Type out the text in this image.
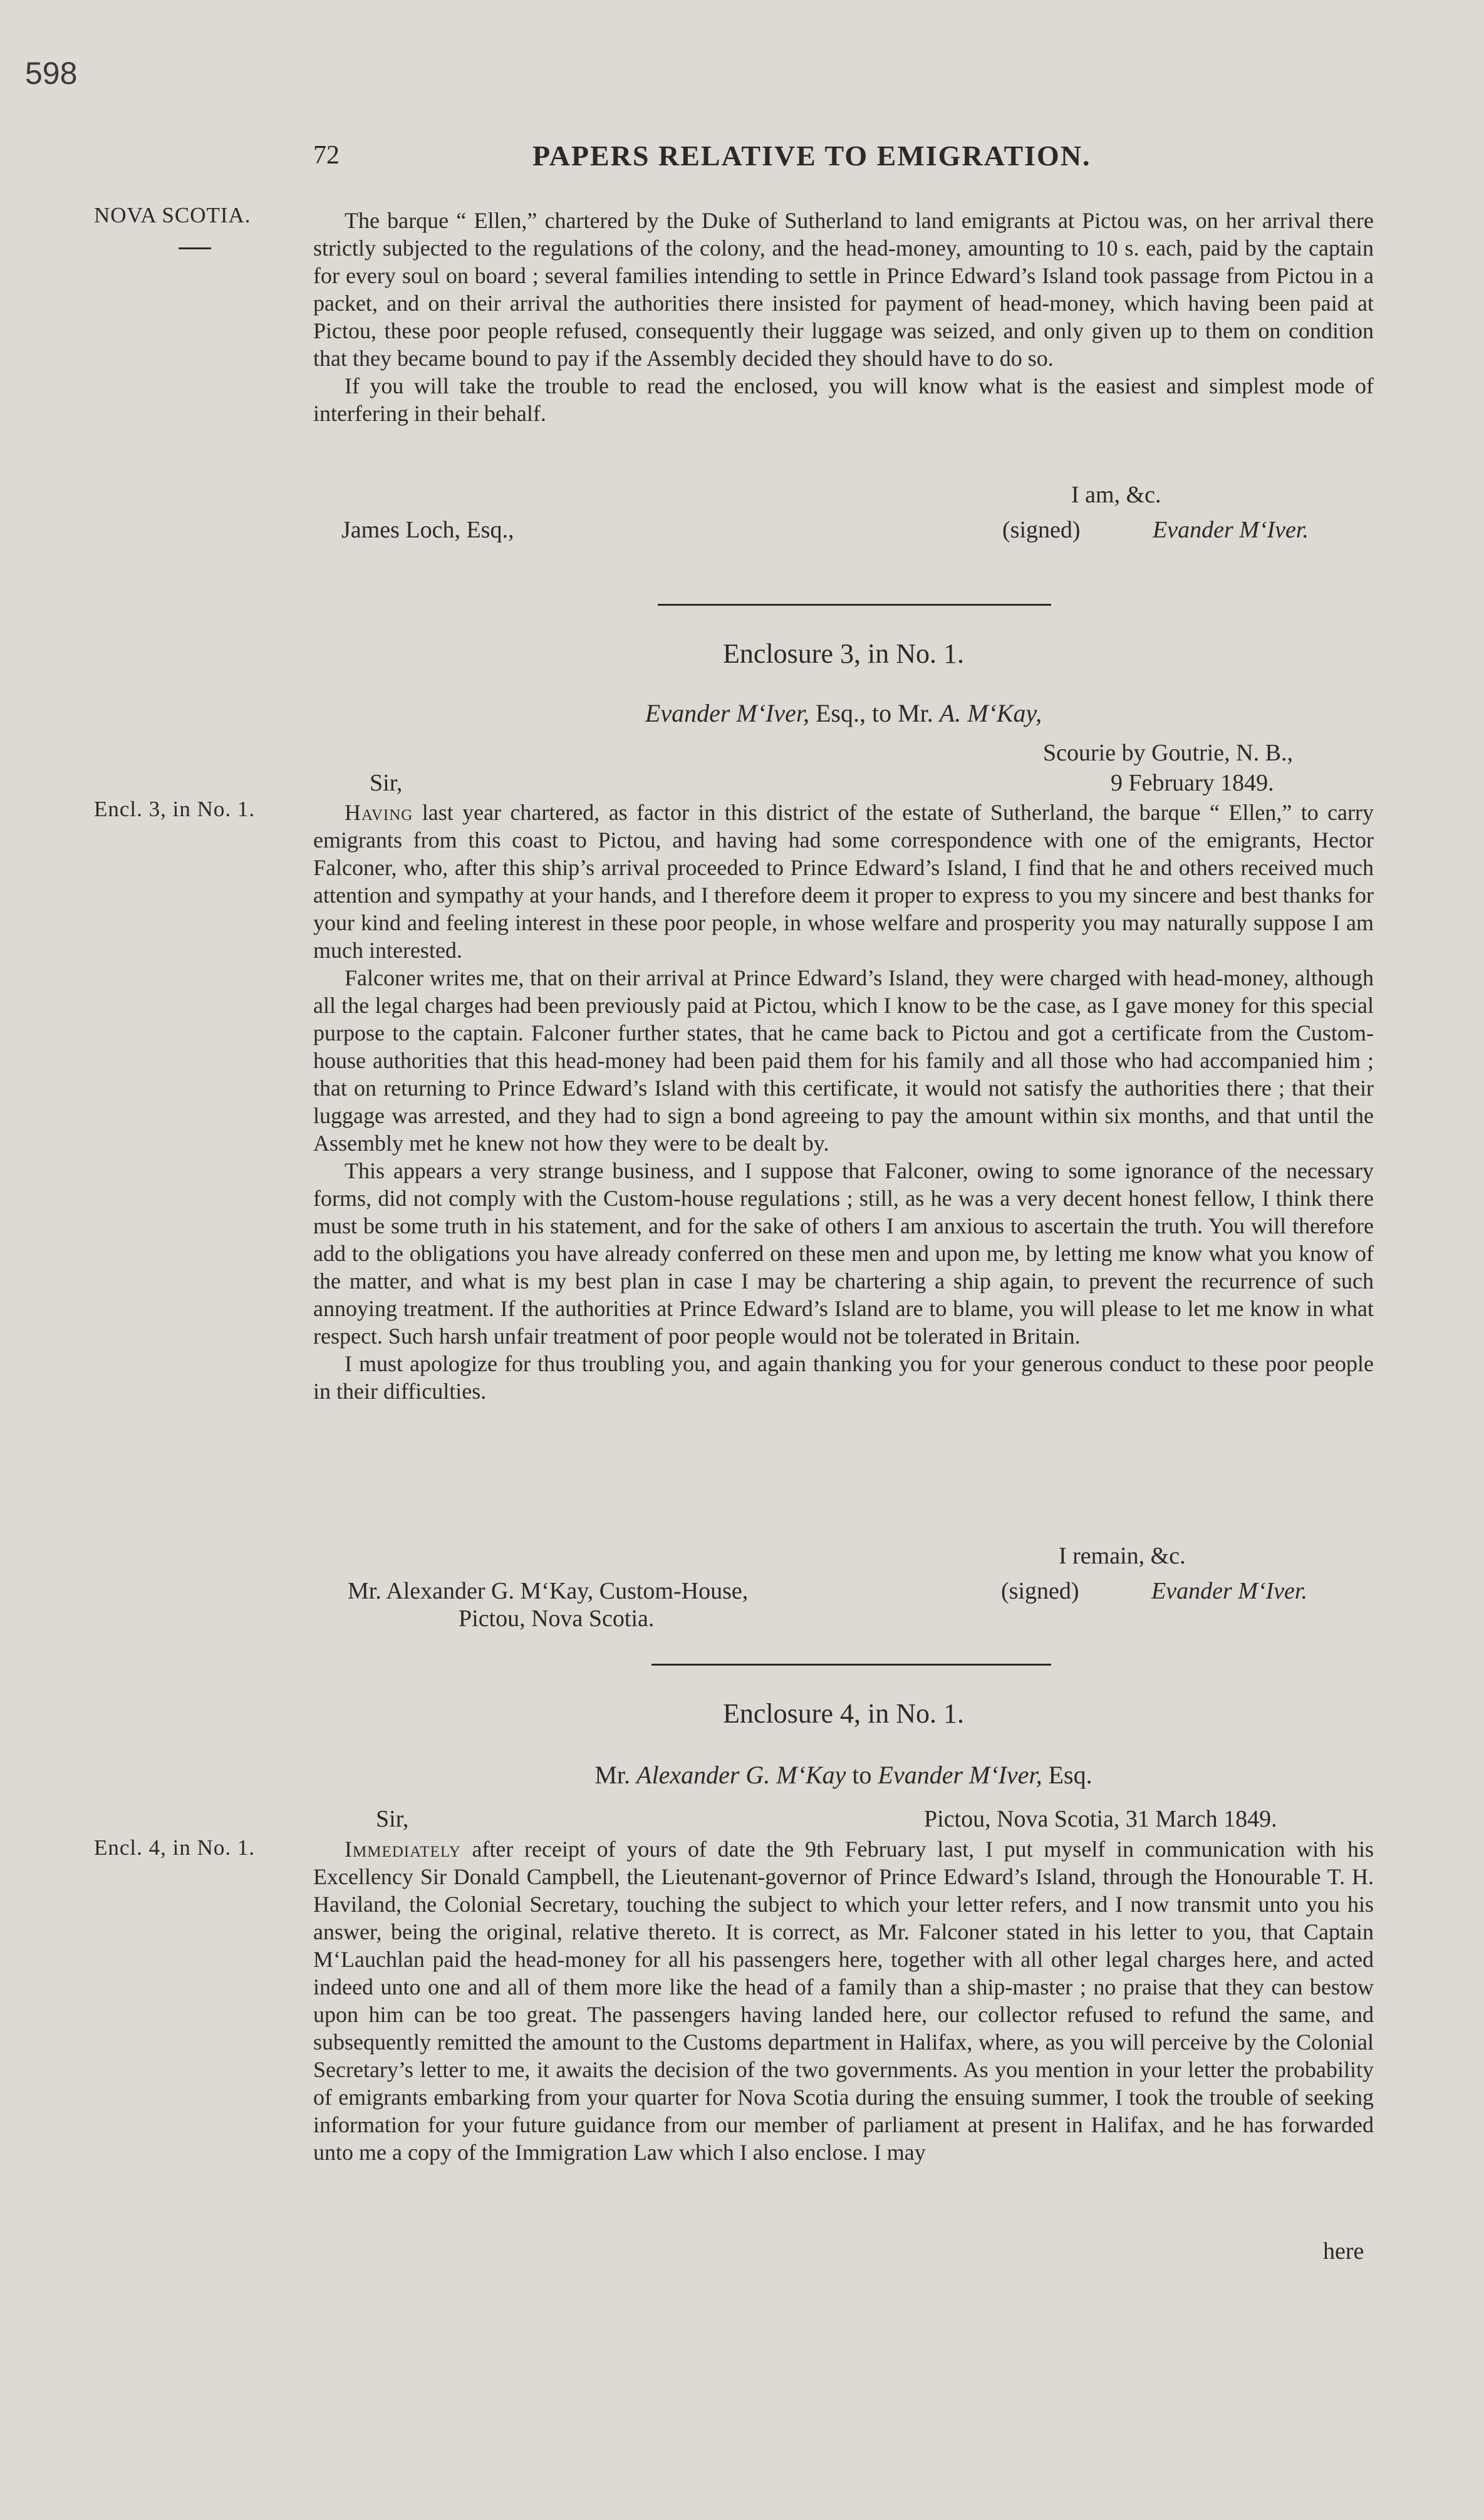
598
72	PAPERS RELATIVE TO EMIGRATION.
NOVA SCOTIA.
Encl. 3, in No. 1.
Encl. 4, in No. 1.

The barque “ Ellen,” chartered by the Duke of Sutherland to land emigrants at Pictou was, on her arrival there strictly subjected to the regulations of the colony, and the head-money, amounting to 10 s. each, paid by the captain for every soul on board ; several families intending to settle in Prince Edward’s Island took passage from Pictou in a packet, and on their arrival the authorities there insisted for payment of head-money, which having been paid at Pictou, these poor people refused, consequently their luggage was seized, and only given up to them on condition that they became bound to pay if the Assembly decided they should have to do so.

If you will take the trouble to read the enclosed, you will know what is the easiest and simplest mode of interfering in their behalf.

I am, &c.
James Loch, Esq.,	(signed)	Evander M‘Iver.
Enclosure 3, in No. 1.
Evander M‘Iver, Esq., to Mr. A. M‘Kay,
Scourie by Goutrie, N. B.,
Sir,	9 February 1849.

Having last year chartered, as factor in this district of the estate of Sutherland, the barque “ Ellen,” to carry emigrants from this coast to Pictou, and having had some correspondence with one of the emigrants, Hector Falconer, who, after this ship’s arrival proceeded to Prince Edward’s Island, I find that he and others received much attention and sympathy at your hands, and I therefore deem it proper to express to you my sincere and best thanks for your kind and feeling interest in these poor people, in whose welfare and prosperity you may naturally suppose I am much interested.

Falconer writes me, that on their arrival at Prince Edward’s Island, they were charged with head-money, although all the legal charges had been previously paid at Pictou, which I know to be the case, as I gave money for this special purpose to the captain. Falconer further states, that he came back to Pictou and got a certificate from the Custom-house authorities that this head-money had been paid them for his family and all those who had accompanied him ; that on returning to Prince Edward’s Island with this certificate, it would not satisfy the authorities there ; that their luggage was arrested, and they had to sign a bond agreeing to pay the amount within six months, and that until the Assembly met he knew not how they were to be dealt by.

This appears a very strange business, and I suppose that Falconer, owing to some ignorance of the necessary forms, did not comply with the Custom-house regulations ; still, as he was a very decent honest fellow, I think there must be some truth in his statement, and for the sake of others I am anxious to ascertain the truth. You will therefore add to the obligations you have already conferred on these men and upon me, by letting me know what you know of the matter, and what is my best plan in case I may be chartering a ship again, to prevent the recurrence of such annoying treatment. If the authorities at Prince Edward’s Island are to blame, you will please to let me know in what respect. Such harsh unfair treatment of poor people would not be tolerated in Britain.

I must apologize for thus troubling you, and again thanking you for your generous conduct to these poor people in their difficulties.

I remain, &c.
Mr. Alexander G. M‘Kay, Custom-House,
Pictou, Nova Scotia.
(signed)	Evander M‘Iver.
Enclosure 4, in No. 1.
Mr. Alexander G. M‘Kay to Evander M‘Iver, Esq.
Sir,	Pictou, Nova Scotia, 31 March 1849.

Immediately after receipt of yours of date the 9th February last, I put myself in communication with his Excellency Sir Donald Campbell, the Lieutenant-governor of Prince Edward’s Island, through the Honourable T. H. Haviland, the Colonial Secretary, touching the subject to which your letter refers, and I now transmit unto you his answer, being the original, relative thereto. It is correct, as Mr. Falconer stated in his letter to you, that Captain M‘Lauchlan paid the head-money for all his passengers here, together with all other legal charges here, and acted indeed unto one and all of them more like the head of a family than a ship-master ; no praise that they can bestow upon him can be too great. The passengers having landed here, our collector refused to refund the same, and subsequently remitted the amount to the Customs department in Halifax, where, as you will perceive by the Colonial Secretary’s letter to me, it awaits the decision of the two governments. As you mention in your letter the probability of emigrants embarking from your quarter for Nova Scotia during the ensuing summer, I took the trouble of seeking information for your future guidance from our member of parliament at present in Halifax, and he has forwarded unto me a copy of the Immigration Law which I also enclose. I may

here
